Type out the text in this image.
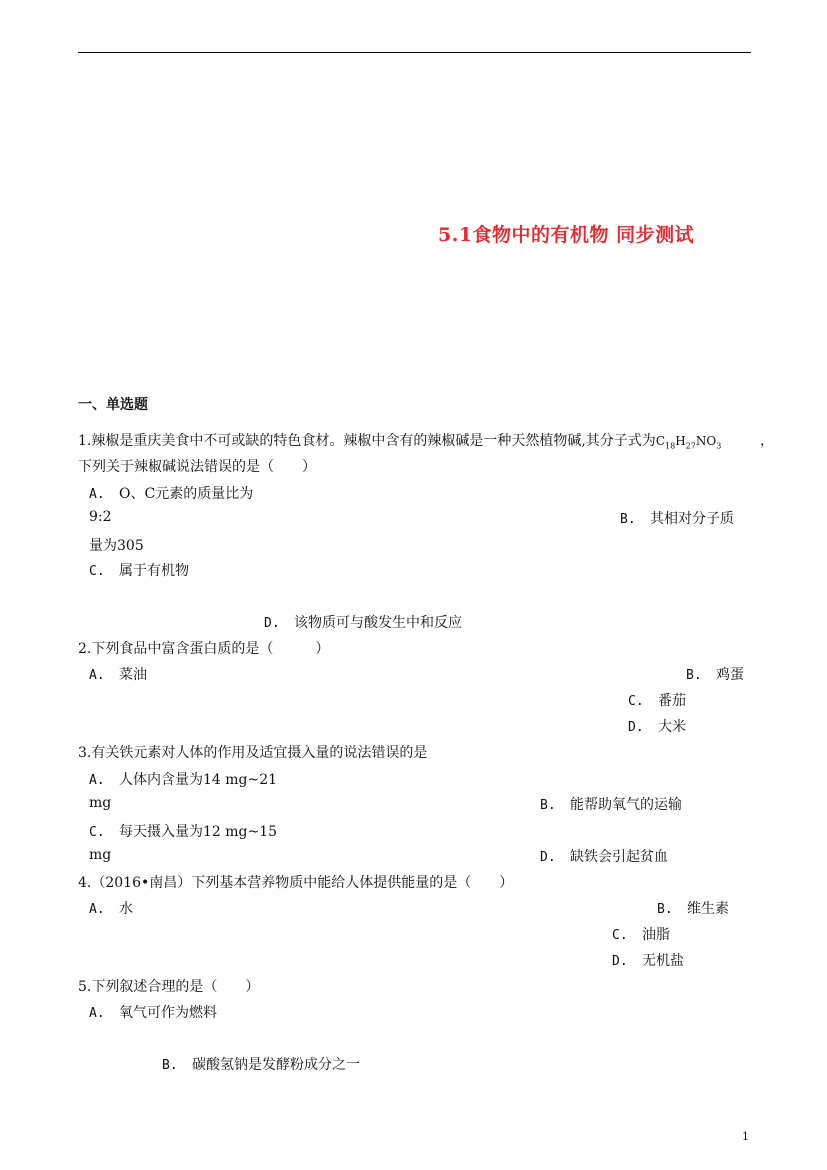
5.1食物中的有机物 同步测试
一、单选题
1.辣椒是重庆美食中不可或缺的特色食材。辣椒中含有的辣椒碱是一种天然植物碱,其分子式为$C_{18}H_{27}NO_3$	，
下列关于辣椒碱说法错误的是（　　）
A. O、C元素的质量比为
9:2	B. 其相对分子质
量为305
C. 属于有机物
D. 该物质可与酸发生中和反应
2.下列食品中富含蛋白质的是（　　　）
A. 菜油	B. 鸡蛋
C. 番茄
D. 大米
3.有关铁元素对人体的作用及适宜摄入量的说法错误的是
A. 人体内含量为14 mg~21
mg	B. 能帮助氧气的运输
C. 每天摄入量为12 mg~15
mg	D. 缺铁会引起贫血
4.（2016•南昌）下列基本营养物质中能给人体提供能量的是（　　）
A. 水	B. 维生素
C. 油脂
D. 无机盐
5.下列叙述合理的是（　　）
A. 氧气可作为燃料
B. 碳酸氢钠是发酵粉成分之一
1
